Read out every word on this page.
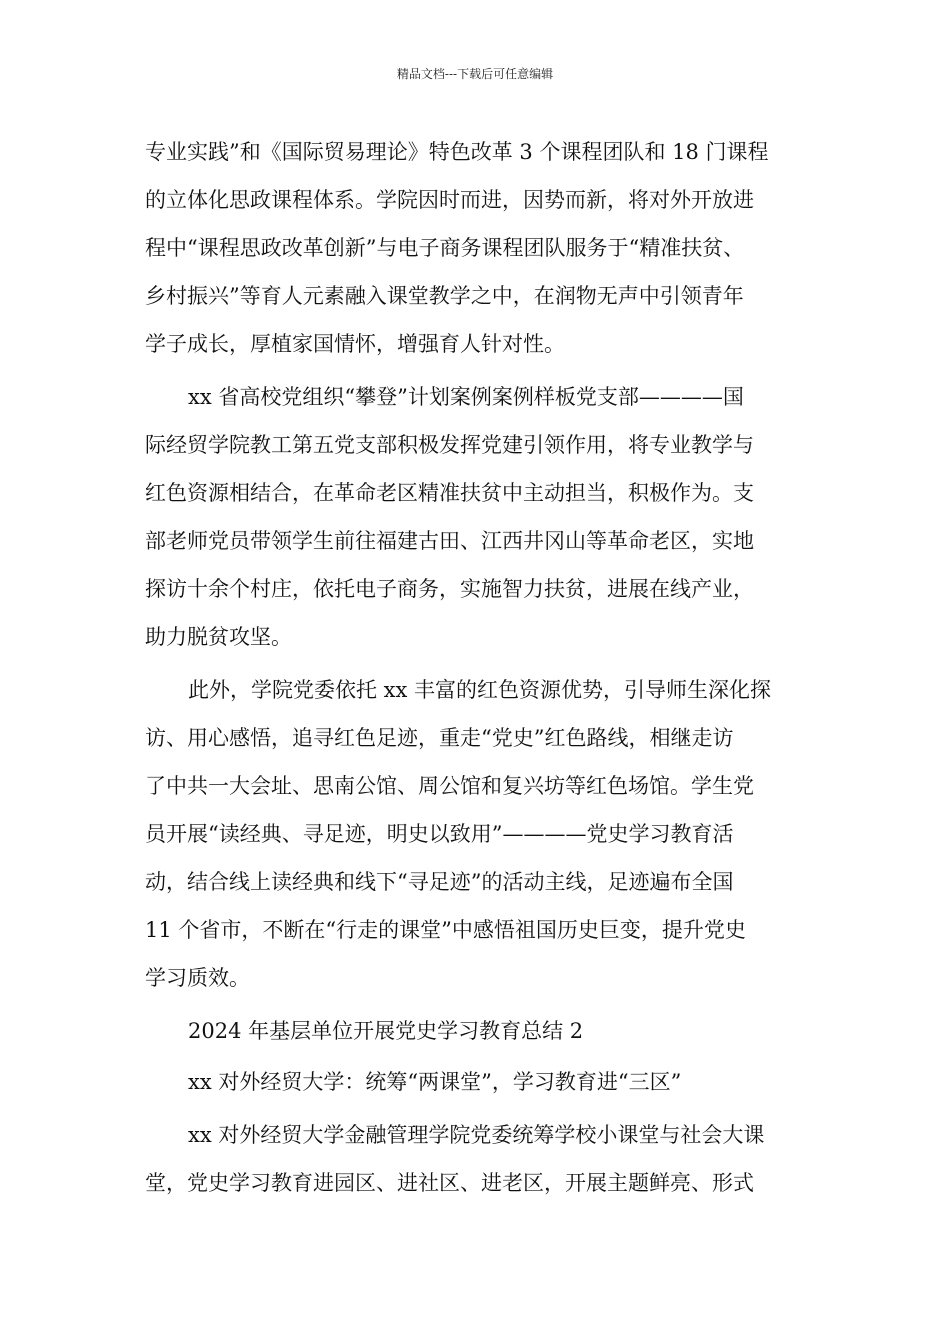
精品文档---下载后可任意编辑
专业实践”和《国际贸易理论》特色改革 3 个课程团队和 18 门课程
的立体化思政课程体系。学院因时而进，因势而新，将对外开放进
程中“课程思政改革创新”与电子商务课程团队服务于“精准扶贫、
乡村振兴”等育人元素融入课堂教学之中，在润物无声中引领青年
学子成长，厚植家国情怀，增强育人针对性。
xx 省高校党组织“攀登”计划案例案例样板党支部————国
际经贸学院教工第五党支部积极发挥党建引领作用，将专业教学与
红色资源相结合，在革命老区精准扶贫中主动担当，积极作为。支
部老师党员带领学生前往福建古田、江西井冈山等革命老区，实地
探访十余个村庄，依托电子商务，实施智力扶贫，进展在线产业，
助力脱贫攻坚。
此外，学院党委依托 xx 丰富的红色资源优势，引导师生深化探
访、用心感悟，追寻红色足迹，重走“党史”红色路线，相继走访
了中共一大会址、思南公馆、周公馆和复兴坊等红色场馆。学生党
员开展“读经典、寻足迹，明史以致用”————党史学习教育活
动，结合线上读经典和线下“寻足迹”的活动主线，足迹遍布全国
11 个省市，不断在“行走的课堂”中感悟祖国历史巨变，提升党史
学习质效。
2024 年基层单位开展党史学习教育总结 2
xx 对外经贸大学：统筹“两课堂”，学习教育进“三区”
xx 对外经贸大学金融管理学院党委统筹学校小课堂与社会大课
堂，党史学习教育进园区、进社区、进老区，开展主题鲜亮、形式
